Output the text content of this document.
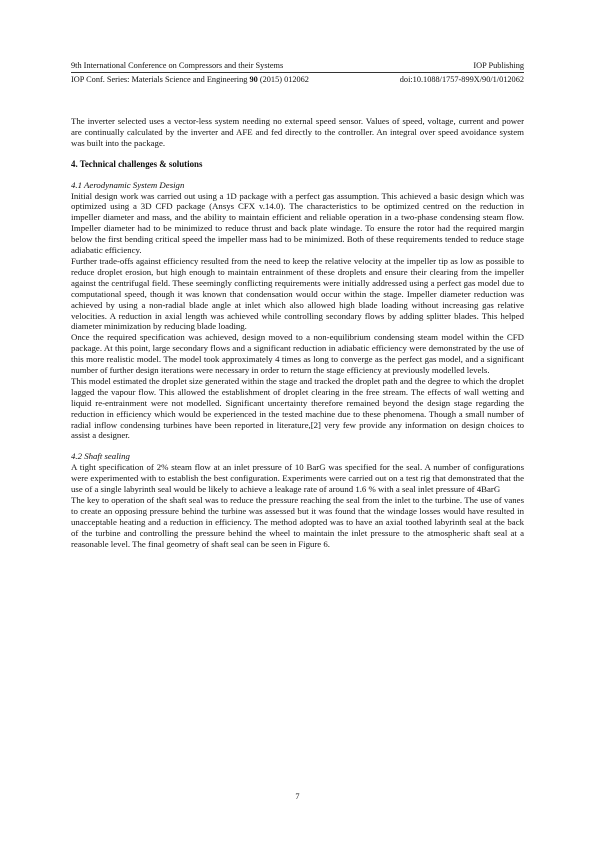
9th International Conference on Compressors and their Systems	IOP Publishing
IOP Conf. Series: Materials Science and Engineering 90 (2015) 012062	doi:10.1088/1757-899X/90/1/012062

The inverter selected uses a vector-less system needing no external speed sensor. Values of speed, voltage, current and power are continually calculated by the inverter and AFE and fed directly to the controller. An integral over speed avoidance system was built into the package.

4. Technical challenges & solutions

4.1 Aerodynamic System Design

Initial design work was carried out using a 1D package with a perfect gas assumption. This achieved a basic design which was optimized using a 3D CFD package (Ansys CFX v.14.0). The characteristics to be optimized centred on the reduction in impeller diameter and mass, and the ability to maintain efficient and reliable operation in a two-phase condensing steam flow. Impeller diameter had to be minimized to reduce thrust and back plate windage. To ensure the rotor had the required margin below the first bending critical speed the impeller mass had to be minimized. Both of these requirements tended to reduce stage adiabatic efficiency.

Further trade-offs against efficiency resulted from the need to keep the relative velocity at the impeller tip as low as possible to reduce droplet erosion, but high enough to maintain entrainment of these droplets and ensure their clearing from the impeller against the centrifugal field. These seemingly conflicting requirements were initially addressed using a perfect gas model due to computational speed, though it was known that condensation would occur within the stage. Impeller diameter reduction was achieved by using a non-radial blade angle at inlet which also allowed high blade loading without increasing gas relative velocities. A reduction in axial length was achieved while controlling secondary flows by adding splitter blades. This helped diameter minimization by reducing blade loading.

Once the required specification was achieved, design moved to a non-equilibrium condensing steam model within the CFD package. At this point, large secondary flows and a significant reduction in adiabatic efficiency were demonstrated by the use of this more realistic model. The model took approximately 4 times as long to converge as the perfect gas model, and a significant number of further design iterations were necessary in order to return the stage efficiency at previously modelled levels.

This model estimated the droplet size generated within the stage and tracked the droplet path and the degree to which the droplet lagged the vapour flow. This allowed the establishment of droplet clearing in the free stream. The effects of wall wetting and liquid re-entrainment were not modelled. Significant uncertainty therefore remained beyond the design stage regarding the reduction in efficiency which would be experienced in the tested machine due to these phenomena. Though a small number of radial inflow condensing turbines have been reported in literature,[2] very few provide any information on design choices to assist a designer.

4.2 Shaft sealing

A tight specification of 2% steam flow at an inlet pressure of 10 BarG was specified for the seal. A number of configurations were experimented with to establish the best configuration. Experiments were carried out on a test rig that demonstrated that the use of a single labyrinth seal would be likely to achieve a leakage rate of around 1.6 % with a seal inlet pressure of 4BarG

The key to operation of the shaft seal was to reduce the pressure reaching the seal from the inlet to the turbine. The use of vanes to create an opposing pressure behind the turbine was assessed but it was found that the windage losses would have resulted in unacceptable heating and a reduction in efficiency. The method adopted was to have an axial toothed labyrinth seal at the back of the turbine and controlling the pressure behind the wheel to maintain the inlet pressure to the atmospheric shaft seal at a reasonable level. The final geometry of shaft seal can be seen in Figure 6.

7
